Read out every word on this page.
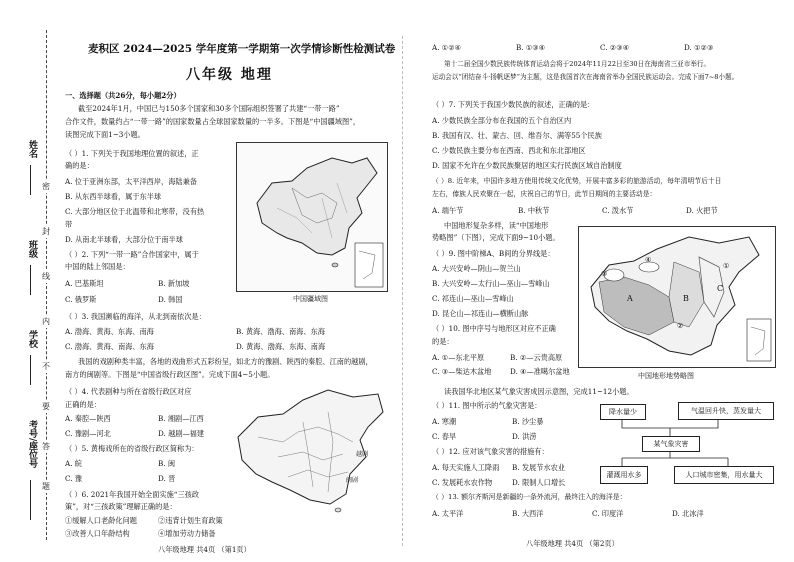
姓名
班级
学校
考号/座位号
密
封
线
内
不
要
答
题
麦积区 2024—2025 学年度第一学期第一次学情诊断性检测试卷
八年级 地理
一、选择题（共26分，每小题2分）
截至2024年1月，中国已与150多个国家和30多个国际组织签署了共建“一带一路”
合作文件，数量约占“一带一路”的国家数量占全球国家数量的一半多。下图是“中国疆域图”，
读图完成下面1~3小题。
（ ）1. 下列关于我国地理位置的叙述，正
确的是：
A. 位于亚洲东部，太平洋西岸，海陆兼备
B. 从东西半球看，属于东半球
C. 大部分地区位于北温带和北寒带，没有热
带
D. 从南北半球看，大部分位于南半球
（ ）2. 下列“一带一路”合作国家中，属于
中国的陆上邻国是：
A. 巴基斯坦	B. 新加坡
C. 俄罗斯	D. 韩国	中国疆域图
（ ）3. 我国濒临的海洋，从北到南依次是：
A. 渤海、黄海、东海、南海	B. 黄海、渤海、南海、东海
C. 渤海、黄海、南海、东海	D. 黄海、渤海、东海、南海
我国的戏剧种类丰富，各地的戏曲形式五彩纷呈，如北方的豫剧、陕西的秦腔、江南的越剧，
南方的闽剧等。下图是“中国省级行政区图”。完成下面4~5小题。
（ ）4. 代表剧种与所在省级行政区对应
正确的是：
A. 秦腔—陕西	B. 湘剧—江西
C. 豫剧—河北	D. 越剧—福建
（ ）5. 黄梅戏所在的省级行政区简称为：
A. 皖	B. 闽
C. 豫	D. 晋
（ ）6. 2021年我国开始全面实施“三孩政
策”，对“三孩政策”理解正确的是：
①缓解人口老龄化问题	②违背计划生育政策
③改善人口年龄结构	④增加劳动力储备
越剧
闽剧
八年级地理 共4页 （第1页）
A. ①②④	B. ①③④	C. ②③④	D. ①②③
第十二届全国少数民族传统体育运动会将于2024年11月22日至30日在海南省三亚市举行。
运动会以“团结奋斗·扬帆逐梦”为主题，这是我国首次在海南省举办全国民族运动会。完成下面7~8小题。
（ ）7. 下列关于我国少数民族的叙述，正确的是：
A. 少数民族全部分布在我国的五个自治区内
B. 我国有汉、壮、蒙古、回、维吾尔、满等55个民族
C. 少数民族主要分布在西南、西北和东北部地区
D. 国家不允许在少数民族聚居的地区实行民族区域自治制度
（ ）8. 近年来，中国许多地方使用传统文化优势，开展丰富多彩的旅游活动，每年清明节后十日
左右，傣族人民欢聚在一起，庆祝自己的节日，此节日期间的主要活动是：
A. 端午节	B. 中秋节	C. 泼水节	D. 火把节
中国地形复杂多样，读“中国地形
势略图”（下图），完成下面9~10小题。
（ ）9. 图中阶梯A、B间的分界线是：
A. 大兴安岭—阴山—贺兰山
B. 大兴安岭—太行山—巫山—雪峰山
C. 祁连山—巫山—雪峰山
D. 昆仑山—祁连山—横断山脉
（ ）10. 图中序号与地形区对应不正确
的是：
A. ①—东北平原	B. ②—云贵高原
C. ③—柴达木盆地	D. ④—准噶尔盆地
A	B
C
①
②
③
④
中国地形地势略图
读我国华北地区某气象灾害成因示意图，完成11~12小题。
（ ）11. 图中所示的气象灾害是：
A. 寒潮	B. 沙尘暴
C. 春旱	D. 洪涝
（ ）12. 应对该气象灾害的措施有：
A. 每天实施人工降雨 B. 发展节水农业
C. 发展耗水农作物	D. 限制人口增长
（ ）13. 额尔齐斯河是新疆的一条外流河，最终注入的海洋是：
A. 太平洋	B. 大西洋	C. 印度洋	D. 北冰洋
降水量少	气温回升快，蒸发量大
某气象灾害
灌溉用水多	人口城市密集，用水量大
八年级地理 共4页 （第2页）
